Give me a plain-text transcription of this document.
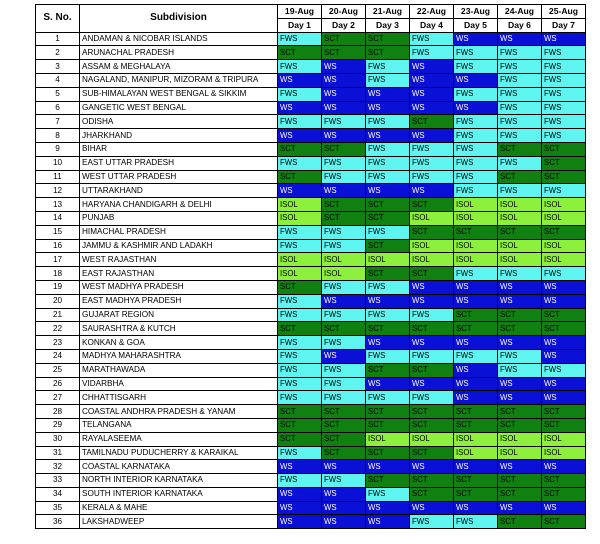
S. No.	Subdivision	19-Aug	20-Aug	21-Aug	22-Aug	23-Aug	24-Aug	25-Aug
		Day 1	Day 2	Day 3	Day 4	Day 5	Day 6	Day 7
1	ANDAMAN & NICOBAR ISLANDS	FWS	SCT	SCT	FWS	WS	WS	WS
2	ARUNACHAL PRADESH	SCT	SCT	SCT	FWS	FWS	FWS	FWS
3	ASSAM & MEGHALAYA	FWS	WS	FWS	WS	FWS	FWS	FWS
4	NAGALAND, MANIPUR, MIZORAM & TRIPURA	WS	WS	FWS	WS	WS	FWS	FWS
5	SUB-HIMALAYAN WEST BENGAL & SIKKIM	FWS	WS	WS	WS	FWS	FWS	FWS
6	GANGETIC WEST BENGAL	WS	WS	WS	WS	WS	FWS	FWS
7	ODISHA	FWS	FWS	FWS	SCT	FWS	FWS	FWS
8	JHARKHAND	WS	WS	WS	WS	FWS	FWS	FWS
9	BIHAR	SCT	SCT	FWS	FWS	FWS	SCT	SCT
10	EAST UTTAR PRADESH	FWS	FWS	FWS	FWS	FWS	FWS	SCT
11	WEST UTTAR PRADESH	SCT	FWS	FWS	FWS	FWS	SCT	SCT
12	UTTARAKHAND	WS	WS	WS	WS	FWS	FWS	FWS
13	HARYANA CHANDIGARH & DELHI	ISOL	SCT	SCT	SCT	ISOL	ISOL	ISOL
14	PUNJAB	ISOL	SCT	SCT	ISOL	ISOL	ISOL	ISOL
15	HIMACHAL PRADESH	FWS	FWS	FWS	SCT	SCT	SCT	SCT
16	JAMMU & KASHMIR AND LADAKH	FWS	FWS	SCT	ISOL	ISOL	ISOL	ISOL
17	WEST RAJASTHAN	ISOL	ISOL	ISOL	ISOL	ISOL	ISOL	ISOL
18	EAST RAJASTHAN	ISOL	ISOL	SCT	SCT	FWS	FWS	FWS
19	WEST MADHYA PRADESH	SCT	FWS	FWS	WS	WS	WS	WS
20	EAST MADHYA PRADESH	FWS	WS	WS	WS	WS	WS	WS
21	GUJARAT REGION	FWS	FWS	FWS	FWS	SCT	SCT	SCT
22	SAURASHTRA & KUTCH	SCT	SCT	SCT	SCT	SCT	SCT	SCT
23	KONKAN & GOA	FWS	FWS	WS	WS	WS	WS	WS
24	MADHYA MAHARASHTRA	FWS	WS	FWS	FWS	FWS	FWS	WS
25	MARATHAWADA	FWS	FWS	SCT	SCT	WS	FWS	FWS
26	VIDARBHA	FWS	FWS	WS	WS	WS	WS	WS
27	CHHATTISGARH	FWS	FWS	FWS	FWS	WS	WS	WS
28	COASTAL ANDHRA PRADESH & YANAM	SCT	SCT	SCT	SCT	SCT	SCT	SCT
29	TELANGANA	SCT	SCT	SCT	SCT	SCT	SCT	SCT
30	RAYALASEEMA	SCT	SCT	ISOL	ISOL	ISOL	ISOL	ISOL
31	TAMILNADU PUDUCHERRY & KARAIKAL	FWS	SCT	SCT	SCT	ISOL	ISOL	ISOL
32	COASTAL KARNATAKA	WS	WS	WS	WS	WS	WS	WS
33	NORTH INTERIOR KARNATAKA	FWS	FWS	SCT	SCT	SCT	SCT	SCT
34	SOUTH INTERIOR KARNATAKA	WS	WS	FWS	SCT	SCT	SCT	SCT
35	KERALA & MAHE	WS	WS	WS	WS	WS	WS	WS
36	LAKSHADWEEP	WS	WS	WS	FWS	FWS	SCT	SCT
